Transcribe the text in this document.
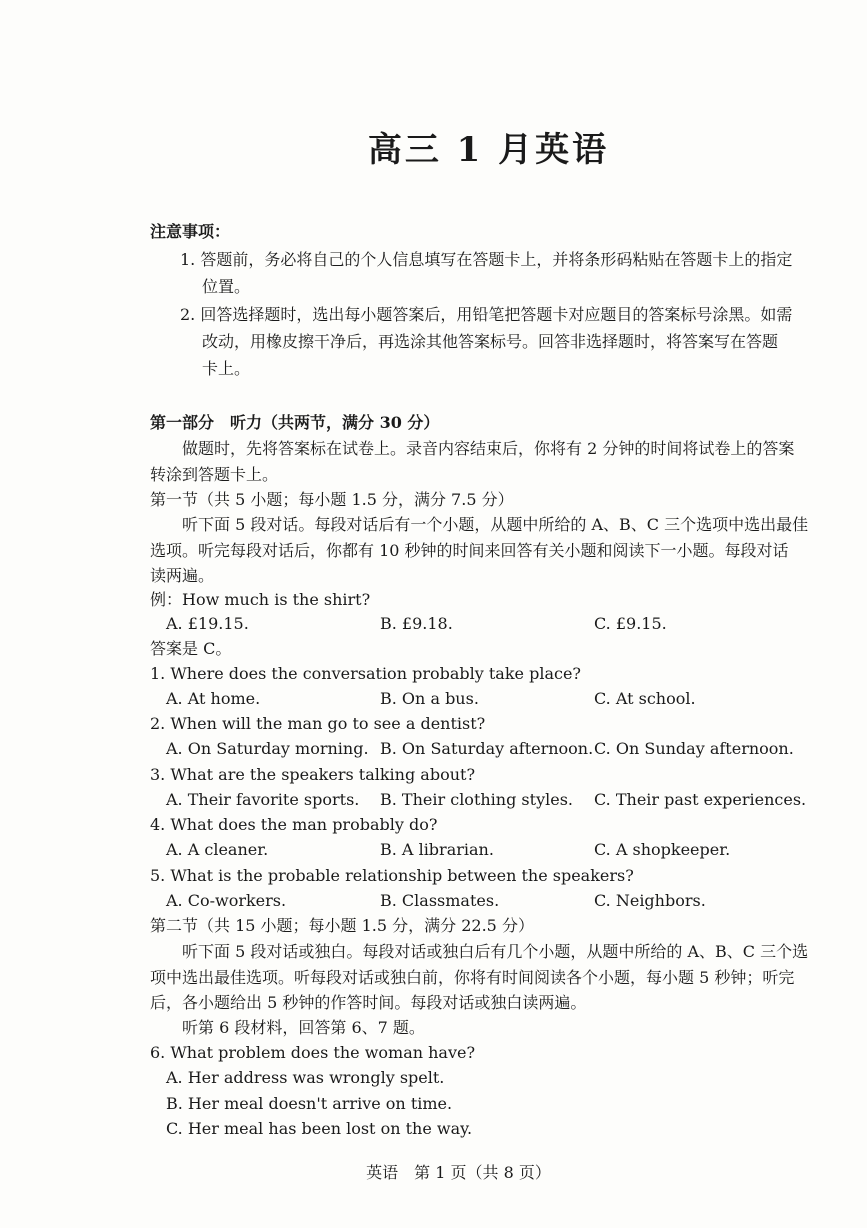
高三 1 月英语
注意事项：
1. 答题前，务必将自己的个人信息填写在答题卡上，并将条形码粘贴在答题卡上的指定
位置。
2. 回答选择题时，选出每小题答案后，用铅笔把答题卡对应题目的答案标号涂黑。如需
改动，用橡皮擦干净后，再选涂其他答案标号。回答非选择题时，将答案写在答题
卡上。
第一部分　听力（共两节，满分 30 分）
做题时，先将答案标在试卷上。录音内容结束后，你将有 2 分钟的时间将试卷上的答案
转涂到答题卡上。
第一节（共 5 小题；每小题 1.5 分，满分 7.5 分）
听下面 5 段对话。每段对话后有一个小题，从题中所给的 A、B、C 三个选项中选出最佳
选项。听完每段对话后，你都有 10 秒钟的时间来回答有关小题和阅读下一小题。每段对话
读两遍。
例：How much is the shirt?
A. £19.15.	B. £9.18.	C. £9.15.
答案是 C。
1. Where does the conversation probably take place?
A. At home.	B. On a bus.	C. At school.
2. When will the man go to see a dentist?
A. On Saturday morning. B. On Saturday afternoon. C. On Sunday afternoon.
3. What are the speakers talking about?
A. Their favorite sports. B. Their clothing styles. C. Their past experiences.
4. What does the man probably do?
A. A cleaner.	B. A librarian.	C. A shopkeeper.
5. What is the probable relationship between the speakers?
A. Co-workers.	B. Classmates.	C. Neighbors.
第二节（共 15 小题；每小题 1.5 分，满分 22.5 分）
听下面 5 段对话或独白。每段对话或独白后有几个小题，从题中所给的 A、B、C 三个选
项中选出最佳选项。听每段对话或独白前，你将有时间阅读各个小题，每小题 5 秒钟；听完
后，各小题给出 5 秒钟的作答时间。每段对话或独白读两遍。
听第 6 段材料，回答第 6、7 题。
6. What problem does the woman have?
A. Her address was wrongly spelt.
B. Her meal doesn't arrive on time.
C. Her meal has been lost on the way.
英语　第 1 页（共 8 页）
